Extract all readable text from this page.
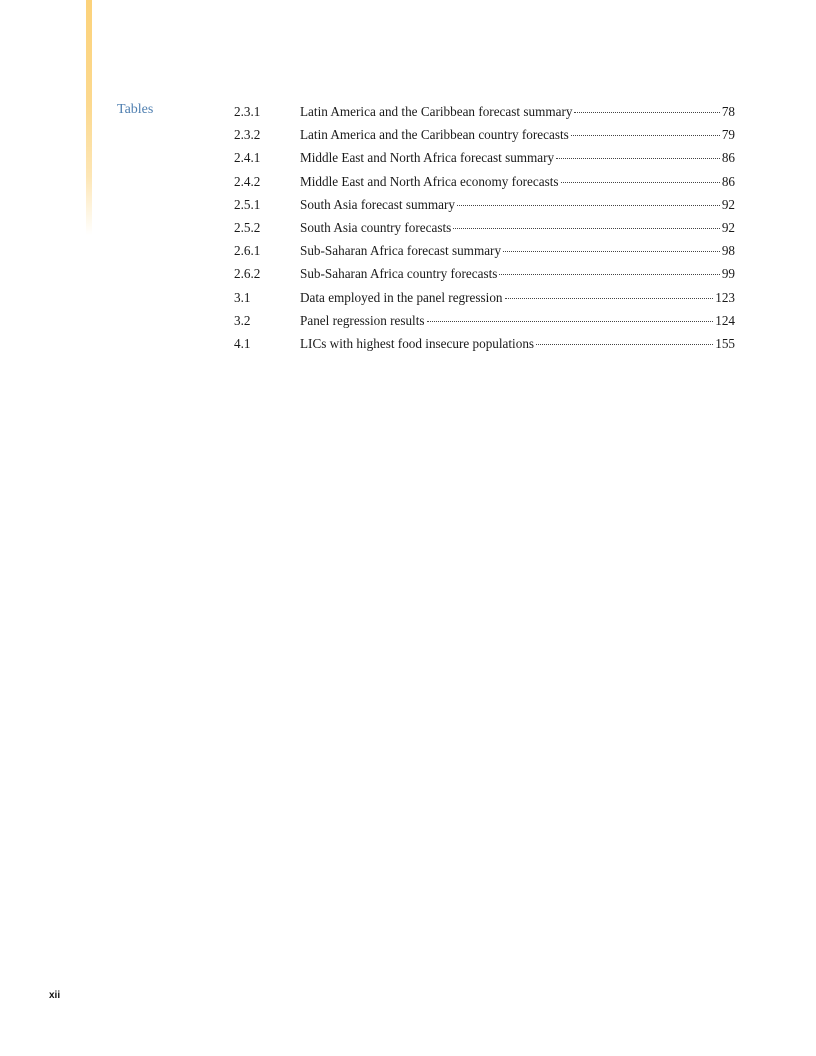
Tables	2.3.1	Latin America and the Caribbean forecast summary	78
2.3.2	Latin America and the Caribbean country forecasts	79
2.4.1	Middle East and North Africa forecast summary	86
2.4.2	Middle East and North Africa economy forecasts	86
2.5.1	South Asia forecast summary	92
2.5.2	South Asia country forecasts	92
2.6.1	Sub-Saharan Africa forecast summary	98
2.6.2	Sub-Saharan Africa country forecasts	99
3.1	Data employed in the panel regression	123
3.2	Panel regression results	124
4.1	LICs with highest food insecure populations	155
xii
